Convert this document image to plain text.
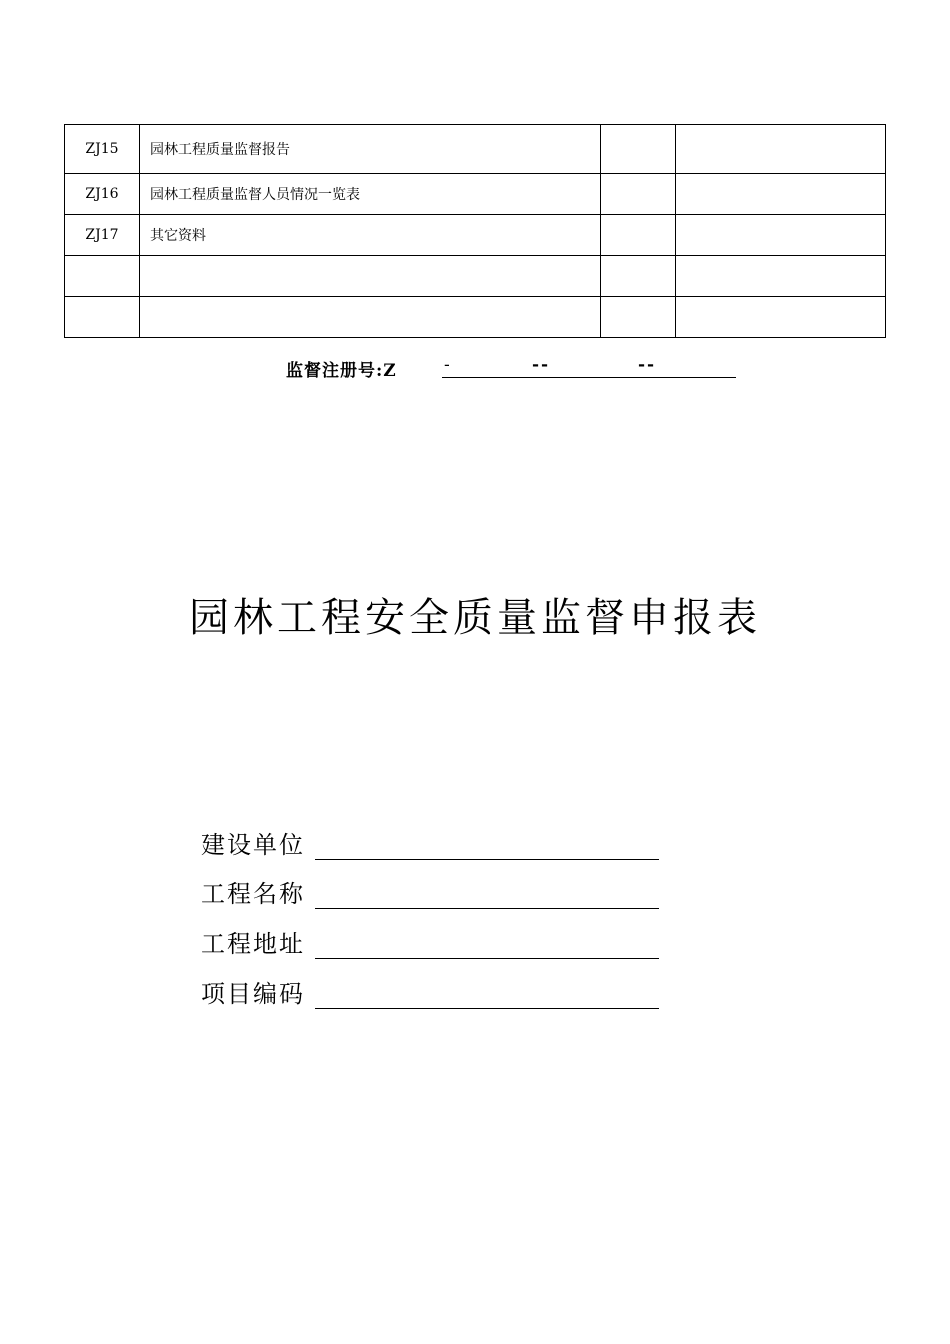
ZJ15	园林工程质量监督报告		
ZJ16	园林工程质量监督人员情况一览表		
ZJ17	其它资料		

监督注册号:Z	-	--	--
园林工程安全质量监督申报表
建设单位
工程名称
工程地址
项目编码
